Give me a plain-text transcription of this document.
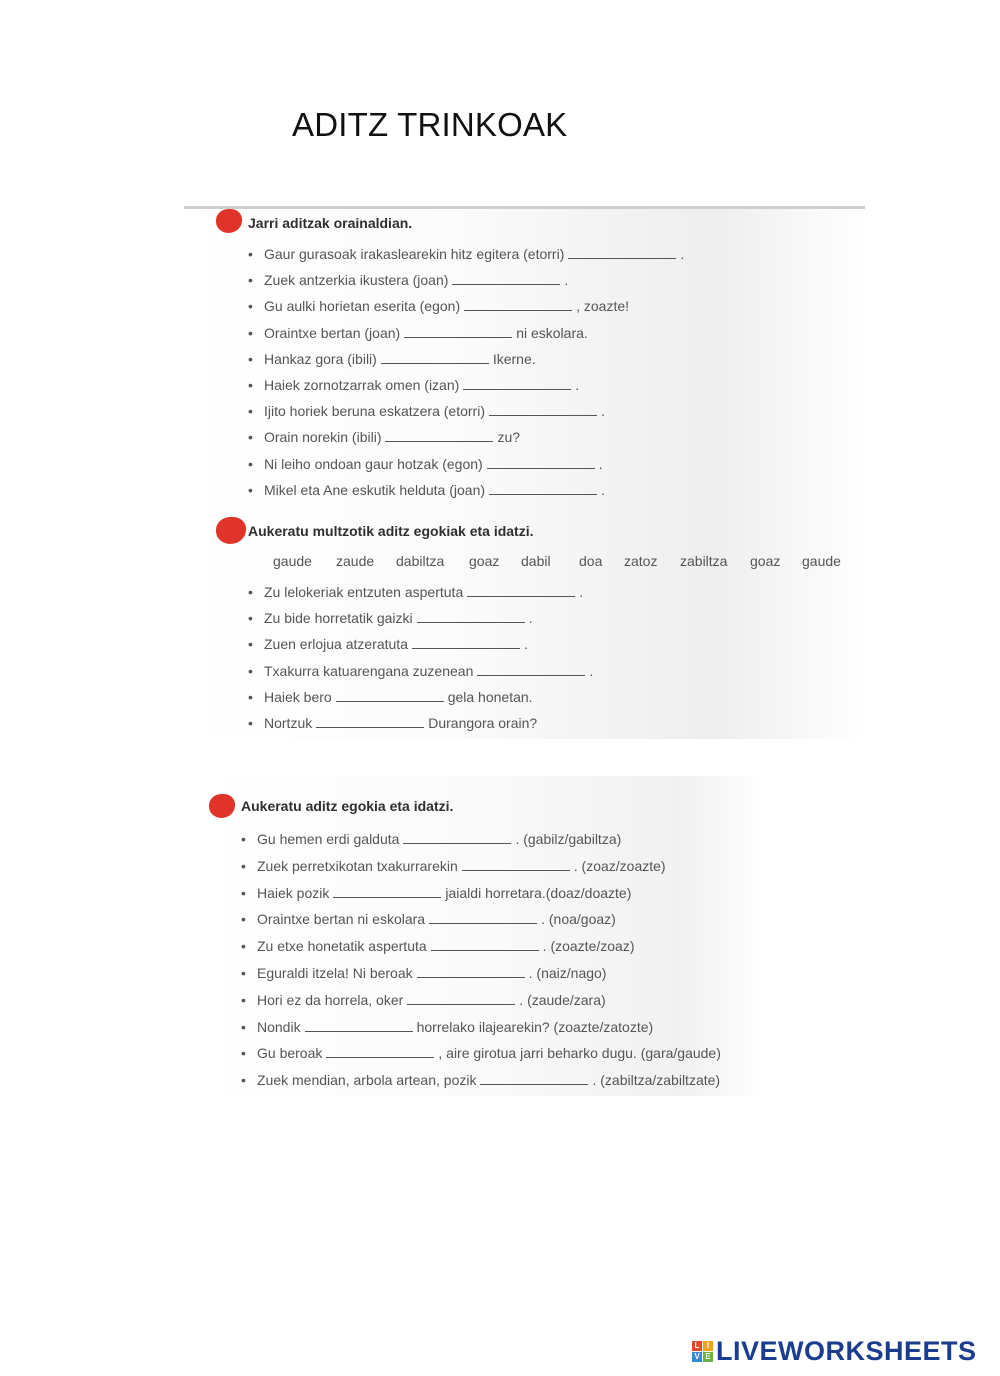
ADITZ TRINKOAK
Jarri aditzak orainaldian.
• Gaur gurasoak irakaslearekin hitz egitera (etorri)	.
• Zuek antzerkia ikustera (joan)	.
• Gu aulki horietan eserita (egon)	, zoazte!
• Oraintxe bertan (joan)	ni eskolara.
• Hankaz gora (ibili)	Ikerne.
• Haiek zornotzarrak omen (izan)	.
• Ijito horiek beruna eskatzera (etorri)	.
• Orain norekin (ibili)	zu?
• Ni leiho ondoan gaur hotzak (egon)	.
• Mikel eta Ane eskutik helduta (joan)	.
Aukeratu multzotik aditz egokiak eta idatzi.
gaude zaude dabiltza goaz dabil doa zatoz zabiltza goaz gaude
• Zu lelokeriak entzuten aspertuta	.
• Zu bide horretatik gaizki	.
• Zuen erlojua atzeratuta	.
• Txakurra katuarengana zuzenean	.
• Haiek bero	gela honetan.
• Nortzuk	Durangora orain?
Aukeratu aditz egokia eta idatzi.
• Gu hemen erdi galduta	. (gabilz/gabiltza)
• Zuek perretxikotan txakurrarekin	. (zoaz/zoazte)
• Haiek pozik	jaialdi horretara.(doaz/doazte)
• Oraintxe bertan ni eskolara	. (noa/goaz)
• Zu etxe honetatik aspertuta	. (zoazte/zoaz)
• Eguraldi itzela! Ni beroak	. (naiz/nago)
• Hori ez da horrela, oker	. (zaude/zara)
• Nondik	horrelako ilajearekin? (zoazte/zatozte)
• Gu beroak	, aire girotua jarri beharko dugu. (gara/gaude)
• Zuek mendian, arbola artean, pozik	. (zabiltza/zabiltzate)
L I
V E LIVEWORKSHEETS
